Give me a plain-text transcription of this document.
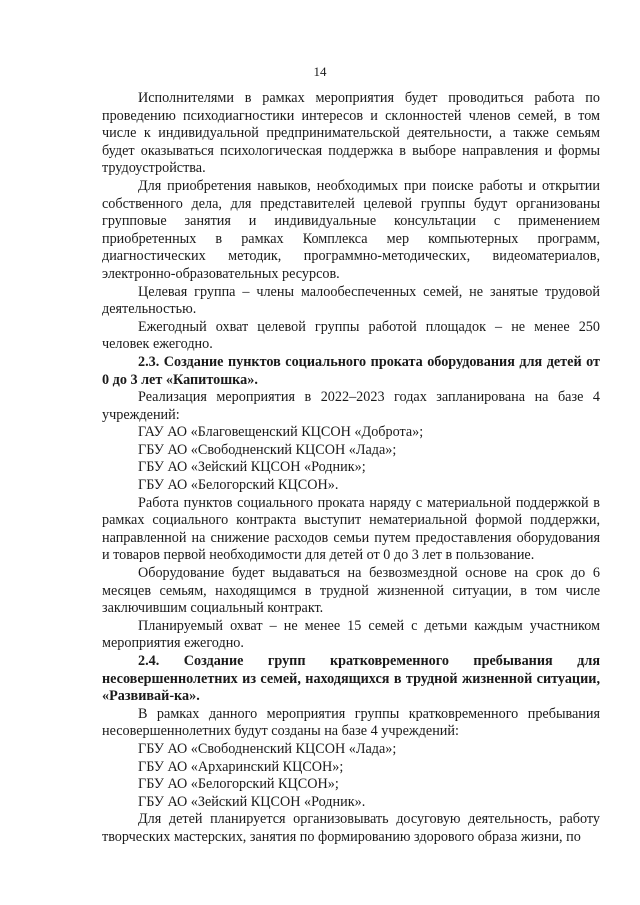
14

Исполнителями в рамках мероприятия будет проводиться работа по проведению психодиагностики интересов и склонностей членов семей, в том числе к индивидуальной предпринимательской деятельности, а также семьям будет оказываться психологическая поддержка в выборе направления и формы трудоустройства.

Для приобретения навыков, необходимых при поиске работы и открытии собственного дела, для представителей целевой группы будут организованы групповые занятия и индивидуальные консультации с применением приобретенных в рамках Комплекса мер компьютерных программ, диагностических методик, программно-методических, видеоматериалов, электронно-образовательных ресурсов.

Целевая группа – члены малообеспеченных семей, не занятые трудовой деятельностью.

Ежегодный охват целевой группы работой площадок – не менее 250 человек ежегодно.

2.3. Создание пунктов социального проката оборудования для детей от 0 до 3 лет «Капитошка».

Реализация мероприятия в 2022–2023 годах запланирована на базе 4 учреждений:

ГАУ АО «Благовещенский КЦСОН «Доброта»;

ГБУ АО «Свободненский КЦСОН «Лада»;

ГБУ АО «Зейский КЦСОН «Родник»;

ГБУ АО «Белогорский КЦСОН».

Работа пунктов социального проката наряду с материальной поддержкой в рамках социального контракта выступит нематериальной формой поддержки, направленной на снижение расходов семьи путем предоставления оборудования и товаров первой необходимости для детей от 0 до 3 лет в пользование.

Оборудование будет выдаваться на безвозмездной основе на срок до 6 месяцев семьям, находящимся в трудной жизненной ситуации, в том числе заключившим социальный контракт.

Планируемый охват – не менее 15 семей с детьми каждым участником мероприятия ежегодно.

2.4. Создание групп кратковременного пребывания для несовершеннолетних из семей, находящихся в трудной жизненной ситуации, «Развивай-ка».

В рамках данного мероприятия группы кратковременного пребывания несовершеннолетних будут созданы на базе 4 учреждений:

ГБУ АО «Свободненский КЦСОН «Лада»;

ГБУ АО «Архаринский КЦСОН»;

ГБУ АО «Белогорский КЦСОН»;

ГБУ АО «Зейский КЦСОН «Родник».

Для детей планируется организовывать досуговую деятельность, работу творческих мастерских, занятия по формированию здорового образа жизни, по
